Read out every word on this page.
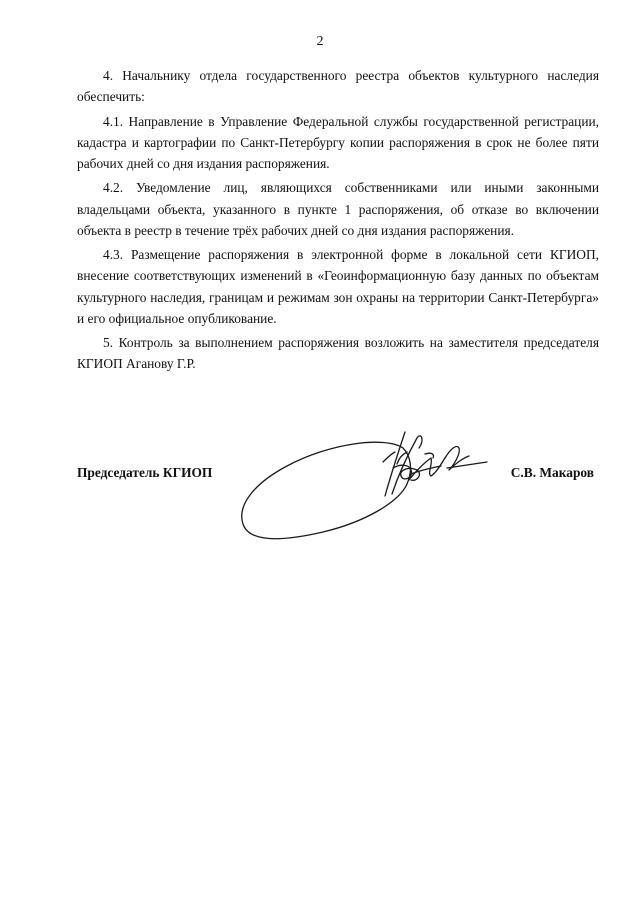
2

4. Начальнику отдела государственного реестра объектов культурного наследия обеспечить:

4.1. Направление в Управление Федеральной службы государственной регистрации, кадастра и картографии по Санкт-Петербургу копии распоряжения в срок не более пяти рабочих дней со дня издания распоряжения.

4.2. Уведомление лиц, являющихся собственниками или иными законными владельцами объекта, указанного в пункте 1 распоряжения, об отказе во включении объекта в реестр в течение трёх рабочих дней со дня издания распоряжения.

4.3. Размещение распоряжения в электронной форме в локальной сети КГИОП, внесение соответствующих изменений в «Геоинформационную базу данных по объектам культурного наследия, границам и режимам зон охраны на территории Санкт-Петербурга» и его официальное опубликование.

5. Контроль за выполнением распоряжения возложить на заместителя председателя КГИОП Аганову Г.Р.

Председатель КГИОП	С.В. Макаров
